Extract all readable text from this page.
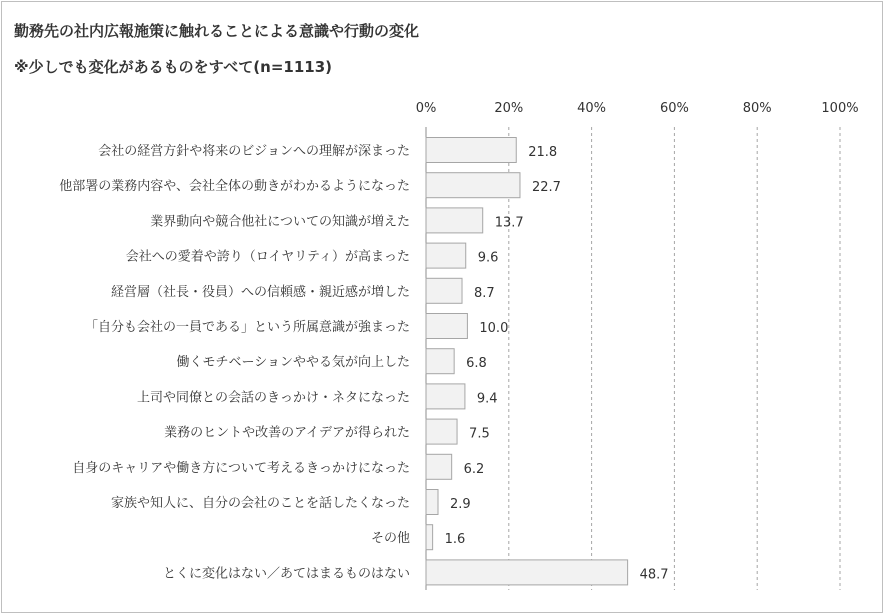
勤務先の社内広報施策に触れることによる意識や行動の変化
※少しでも変化があるものをすべて(n=1113)
0%	20%	40%	60%	80%	100%
会社の経営方針や将来のビジョンへの理解が深まった	21.8
他部署の業務内容や、会社全体の動きがわかるようになった	22.7
業界動向や競合他社についての知識が増えた	13.7
会社への愛着や誇り（ロイヤリティ）が高まった	9.6
経営層（社長・役員）への信頼感・親近感が増した	8.7
「自分も会社の一員である」という所属意識が強まった	10.0
働くモチベーションややる気が向上した	6.8
上司や同僚との会話のきっかけ・ネタになった	9.4
業務のヒントや改善のアイデアが得られた	7.5
自身のキャリアや働き方について考えるきっかけになった	6.2
家族や知人に、自分の会社のことを話したくなった	2.9
その他	1.6
とくに変化はない／あてはまるものはない	48.7
